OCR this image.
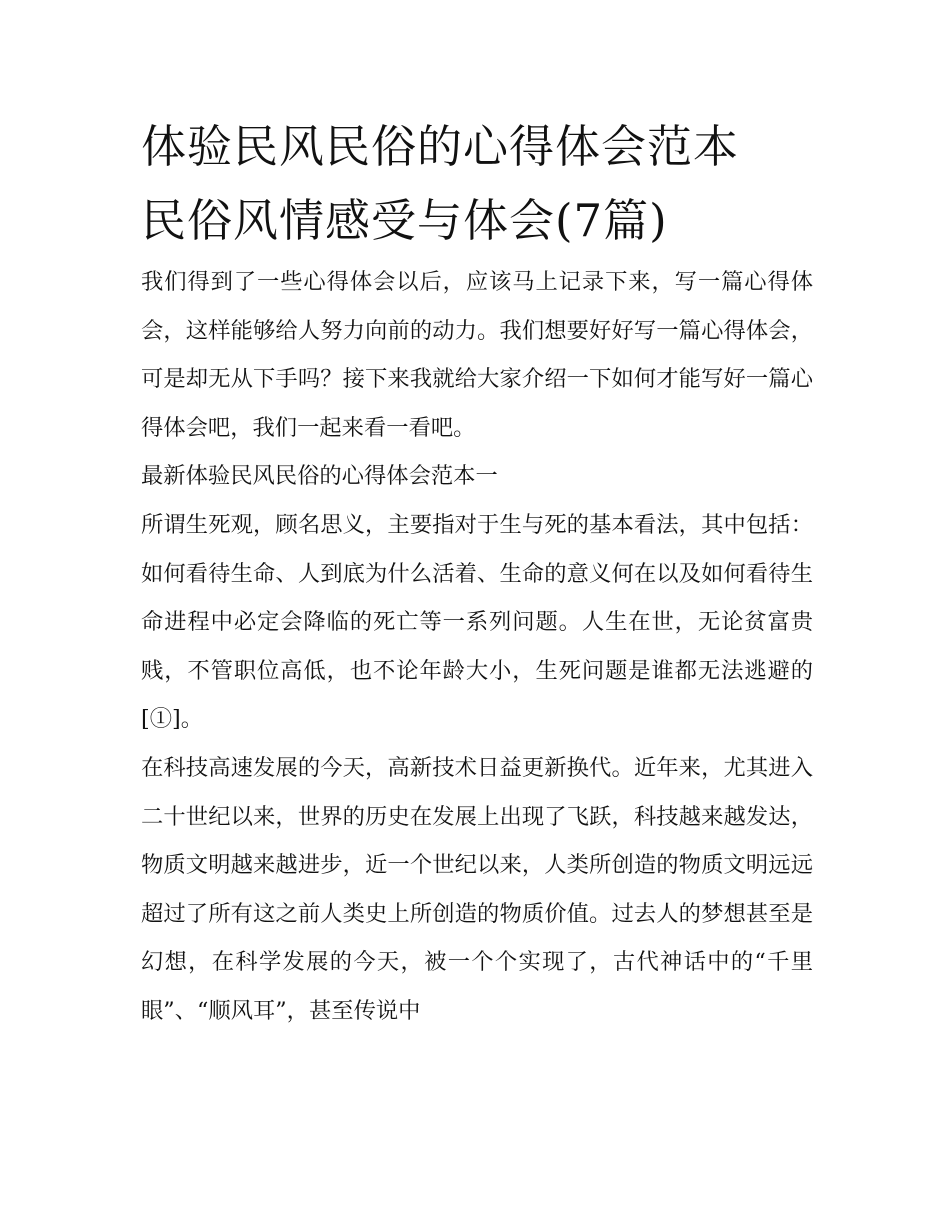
体验民风民俗的心得体会范本
民俗风情感受与体会(7篇)

我们得到了一些心得体会以后，应该马上记录下来，写一篇心得体会，这样能够给人努力向前的动力。我们想要好好写一篇心得体会，可是却无从下手吗？接下来我就给大家介绍一下如何才能写好一篇心得体会吧，我们一起来看一看吧。

最新体验民风民俗的心得体会范本一

所谓生死观，顾名思义，主要指对于生与死的基本看法，其中包括：如何看待生命、人到底为什么活着、生命的意义何在以及如何看待生命进程中必定会降临的死亡等一系列问题。人生在世，无论贫富贵贱，不管职位高低，也不论年龄大小，生死问题是谁都无法逃避的[①]。

在科技高速发展的今天，高新技术日益更新换代。近年来，尤其进入二十世纪以来，世界的历史在发展上出现了飞跃，科技越来越发达，物质文明越来越进步，近一个世纪以来，人类所创造的物质文明远远超过了所有这之前人类史上所创造的物质价值。过去人的梦想甚至是幻想，在科学发展的今天，被一个个实现了，古代神话中的“千里眼”、“顺风耳”，甚至传说中
